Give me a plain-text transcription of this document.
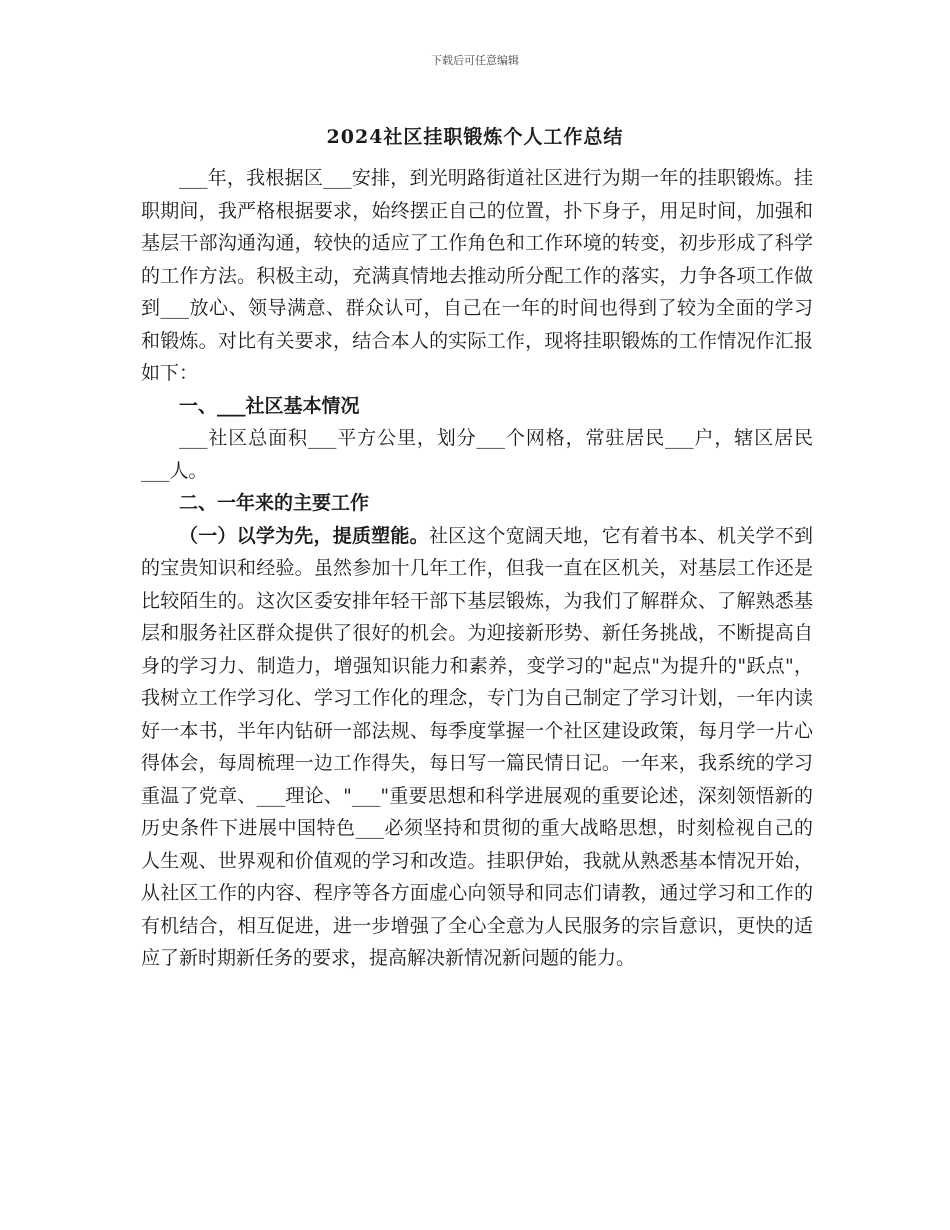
下载后可任意编辑
2024社区挂职锻炼个人工作总结

___年，我根据区___安排，到光明路街道社区进行为期一年的挂职锻炼。挂职期间，我严格根据要求，始终摆正自己的位置，扑下身子，用足时间，加强和基层干部沟通沟通，较快的适应了工作角色和工作环境的转变，初步形成了科学的工作方法。积极主动，充满真情地去推动所分配工作的落实，力争各项工作做到___放心、领导满意、群众认可，自己在一年的时间也得到了较为全面的学习和锻炼。对比有关要求，结合本人的实际工作，现将挂职锻炼的工作情况作汇报如下：

一、___社区基本情况

___社区总面积___平方公里，划分___个网格，常驻居民___户，辖区居民___人。

二、一年来的主要工作

（一）以学为先，提质塑能。社区这个宽阔天地，它有着书本、机关学不到的宝贵知识和经验。虽然参加十几年工作，但我一直在区机关，对基层工作还是比较陌生的。这次区委安排年轻干部下基层锻炼，为我们了解群众、了解熟悉基层和服务社区群众提供了很好的机会。为迎接新形势、新任务挑战，不断提高自身的学习力、制造力，增强知识能力和素养，变学习的"起点"为提升的"跃点"，我树立工作学习化、学习工作化的理念，专门为自己制定了学习计划，一年内读好一本书，半年内钻研一部法规、每季度掌握一个社区建设政策，每月学一片心得体会，每周梳理一边工作得失，每日写一篇民情日记。一年来，我系统的学习重温了党章、___理论、"___"重要思想和科学进展观的重要论述，深刻领悟新的历史条件下进展中国特色___必须坚持和贯彻的重大战略思想，时刻检视自己的人生观、世界观和价值观的学习和改造。挂职伊始，我就从熟悉基本情况开始，从社区工作的内容、程序等各方面虚心向领导和同志们请教，通过学习和工作的有机结合，相互促进，进一步增强了全心全意为人民服务的宗旨意识，更快的适应了新时期新任务的要求，提高解决新情况新问题的能力。
